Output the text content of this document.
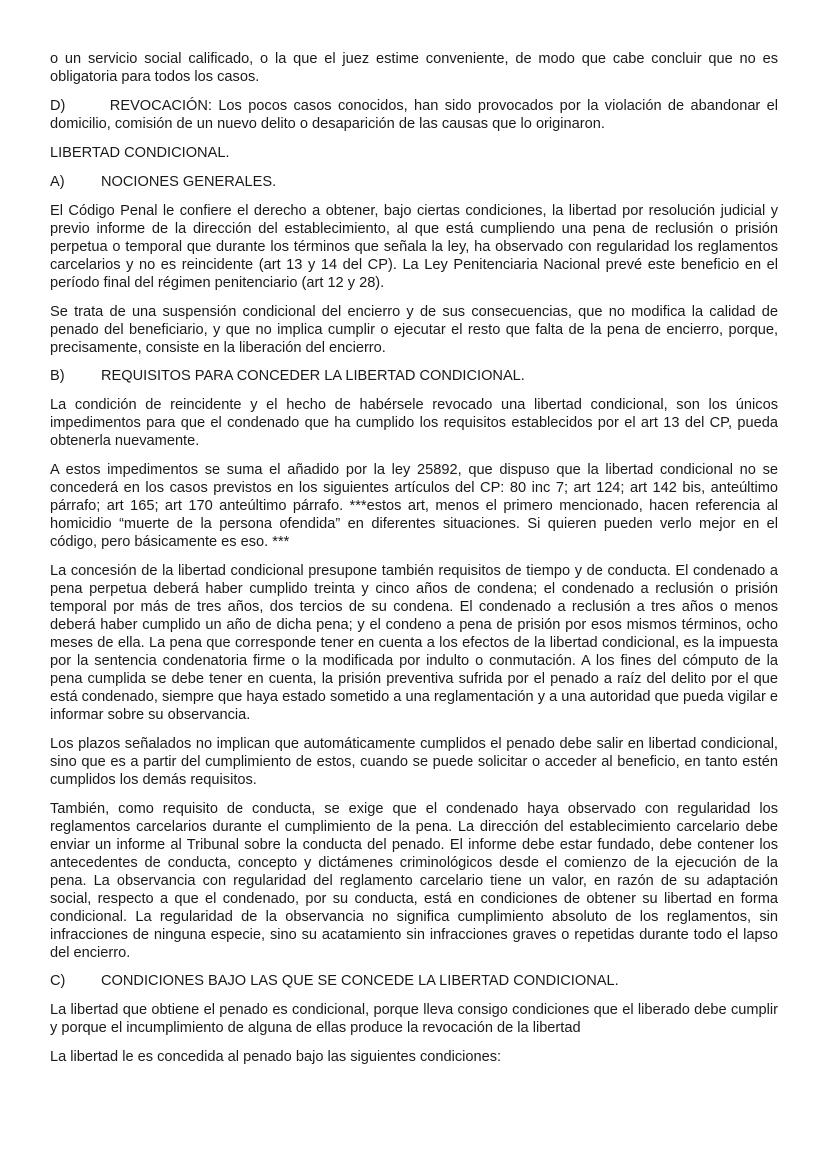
o un servicio social calificado, o la que el juez estime conveniente, de modo que cabe concluir que no es obligatoria para todos los casos.

D)       REVOCACIÓN: Los pocos casos conocidos, han sido provocados por la violación de abandonar el domicilio, comisión de un nuevo delito o desaparición de las causas que lo originaron.

LIBERTAD CONDICIONAL.

A) NOCIONES GENERALES.

El Código Penal le confiere el derecho a obtener, bajo ciertas condiciones, la libertad por resolución judicial y previo informe de la dirección del establecimiento, al que está cumpliendo una pena de reclusión o prisión perpetua o temporal que durante los términos que señala la ley, ha observado con regularidad los reglamentos carcelarios y no es reincidente (art 13 y 14 del CP). La Ley Penitenciaria Nacional prevé este beneficio en el período final del régimen penitenciario (art 12 y 28).

Se trata de una suspensión condicional del encierro y de sus consecuencias, que no modifica la calidad de penado del beneficiario, y que no implica cumplir o ejecutar el resto que falta de la pena de encierro, porque, precisamente, consiste en la liberación del encierro.

B) REQUISITOS PARA CONCEDER LA LIBERTAD CONDICIONAL.

La condición de reincidente y el hecho de habérsele revocado una libertad condicional, son los únicos impedimentos para que el condenado que ha cumplido los requisitos establecidos por el art 13 del CP, pueda obtenerla nuevamente.

A estos impedimentos se suma el añadido por la ley 25892, que dispuso que la libertad condicional no se concederá en los casos previstos en los siguientes artículos del CP: 80 inc 7; art 124; art 142 bis, anteúltimo párrafo; art 165; art 170 anteúltimo párrafo. ***estos art, menos el primero mencionado, hacen referencia al homicidio “muerte de la persona ofendida” en diferentes situaciones. Si quieren pueden verlo mejor en el código, pero básicamente es eso. ***

La concesión de la libertad condicional presupone también requisitos de tiempo y de conducta. El condenado a pena perpetua deberá haber cumplido treinta y cinco años de condena; el condenado a reclusión o prisión temporal por más de tres años, dos tercios de su condena. El condenado a reclusión a tres años o menos deberá haber cumplido un año de dicha pena; y el condeno a pena de prisión por esos mismos términos, ocho meses de ella. La pena que corresponde tener en cuenta a los efectos de la libertad condicional, es la impuesta por la sentencia condenatoria firme o la modificada por indulto o conmutación. A los fines del cómputo de la pena cumplida se debe tener en cuenta, la prisión preventiva sufrida por el penado a raíz del delito por el que está condenado, siempre que haya estado sometido a una reglamentación y a una autoridad que pueda vigilar e informar sobre su observancia.

Los plazos señalados no implican que automáticamente cumplidos el penado debe salir en libertad condicional, sino que es a partir del cumplimiento de estos, cuando se puede solicitar o acceder al beneficio, en tanto estén cumplidos los demás requisitos.

También, como requisito de conducta, se exige que el condenado haya observado con regularidad los reglamentos carcelarios durante el cumplimiento de la pena. La dirección del establecimiento carcelario debe enviar un informe al Tribunal sobre la conducta del penado. El informe debe estar fundado, debe contener los antecedentes de conducta, concepto y dictámenes criminológicos desde el comienzo de la ejecución de la pena. La observancia con regularidad del reglamento carcelario tiene un valor, en razón de su adaptación social, respecto a que el condenado, por su conducta, está en condiciones de obtener su libertad en forma condicional. La regularidad de la observancia no significa cumplimiento absoluto de los reglamentos, sin infracciones de ninguna especie, sino su acatamiento sin infracciones graves o repetidas durante todo el lapso del encierro.

C) CONDICIONES BAJO LAS QUE SE CONCEDE LA LIBERTAD CONDICIONAL.

La libertad que obtiene el penado es condicional, porque lleva consigo condiciones que el liberado debe cumplir y porque el incumplimiento de alguna de ellas produce la revocación de la libertad

La libertad le es concedida al penado bajo las siguientes condiciones:
